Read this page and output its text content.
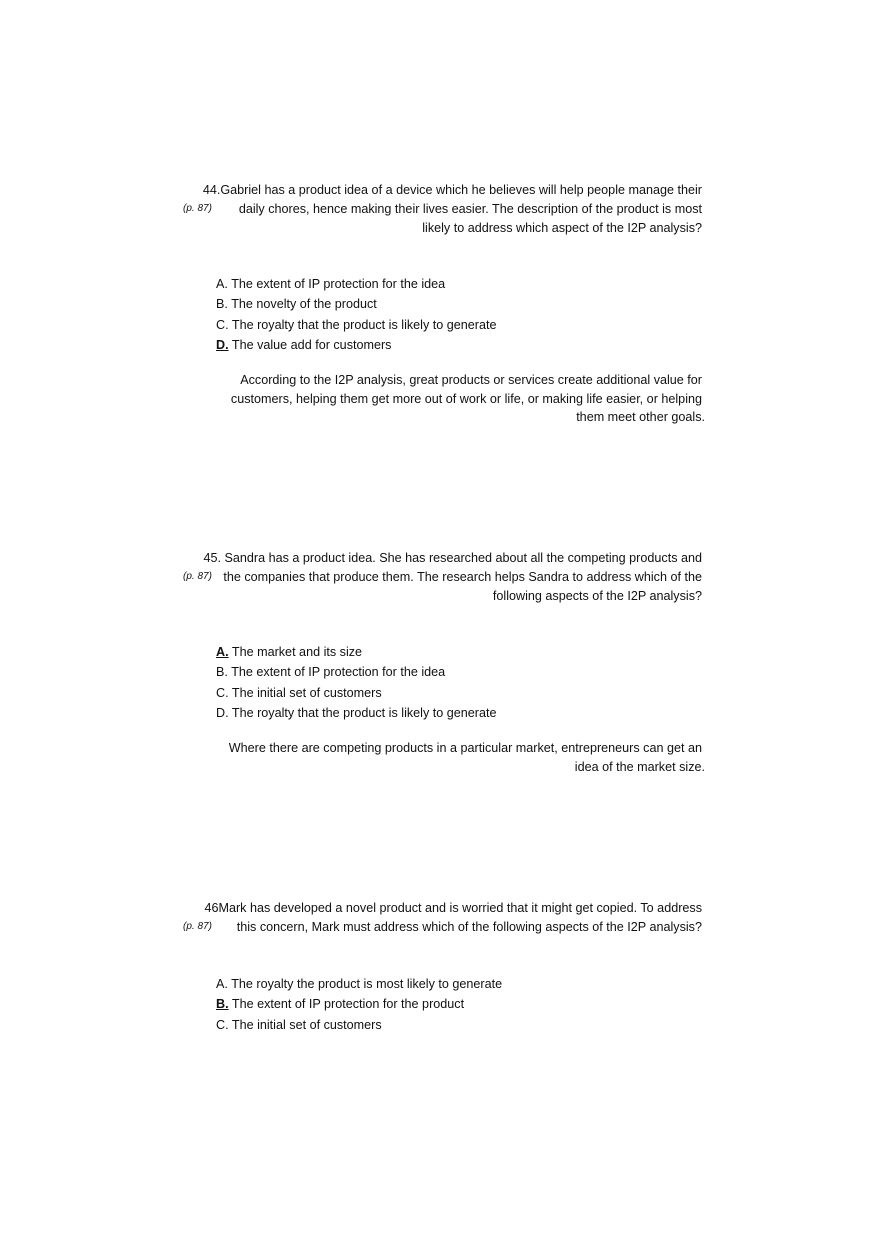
44.Gabriel has a product idea of a device which he believes will help people manage their
(p. 87)	daily chores, hence making their lives easier. The description of the product is most
likely to address which aspect of the I2P analysis?
A. The extent of IP protection for the idea
B. The novelty of the product
C. The royalty that the product is likely to generate
D. The value add for customers
According to the I2P analysis, great products or services create additional value for
customers, helping them get more out of work or life, or making life easier, or helping
them meet other goals.
45. Sandra has a product idea. She has researched about all the competing products and
(p. 87) the companies that produce them. The research helps Sandra to address which of the
following aspects of the I2P analysis?
A. The market and its size
B. The extent of IP protection for the idea
C. The initial set of customers
D. The royalty that the product is likely to generate
Where there are competing products in a particular market, entrepreneurs can get an
idea of the market size.
46Mark has developed a novel product and is worried that it might get copied. To address
(p. 87)	this concern, Mark must address which of the following aspects of the I2P analysis?
A. The royalty the product is most likely to generate
B. The extent of IP protection for the product
C. The initial set of customers
